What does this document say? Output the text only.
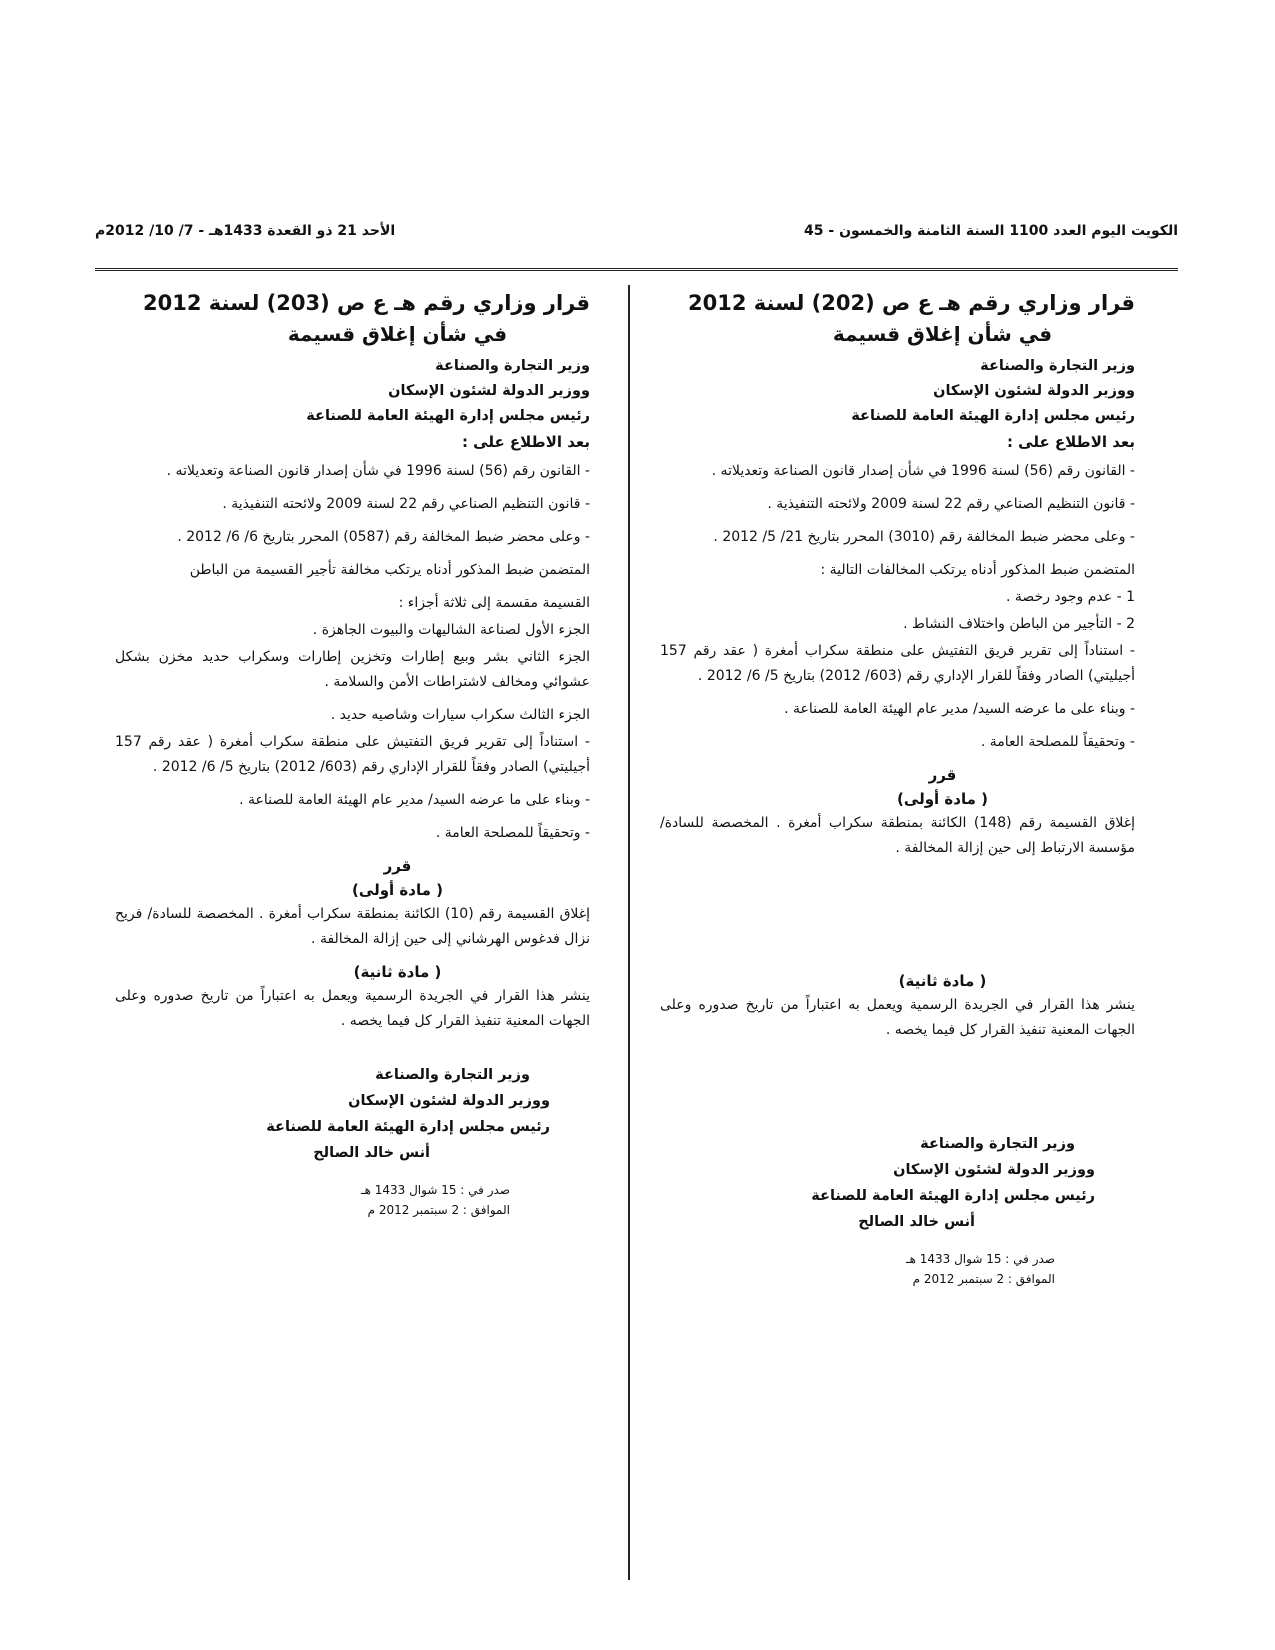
الكويت اليوم العدد 1100 السنة الثامنة والخمسون - 45
الأحد 21 ذو القعدة 1433هـ - 7/ 10/ 2012م
قرار وزاري رقم هـ ع ص (202) لسنة 2012
في شأن إغلاق قسيمة
وزير التجارة والصناعة
ووزير الدولة لشئون الإسكان
رئيس مجلس إدارة الهيئة العامة للصناعة
بعد الاطلاع على :
- القانون رقم (56) لسنة 1996 في شأن إصدار قانون الصناعة وتعديلاته .
- قانون التنظيم الصناعي رقم 22 لسنة 2009 ولائحته التنفيذية .
- وعلى محضر ضبط المخالفة رقم (3010) المحرر بتاريخ 21/ 5/ 2012 .
المتضمن ضبط المذكور أدناه يرتكب المخالفات التالية :
1 - عدم وجود رخصة .
2 - التأجير من الباطن واختلاف النشاط .
- استناداً إلى تقرير فريق التفتيش على منطقة سكراب أمغرة ( عقد رقم 157 أجيليتي) الصادر وفقاً للقرار الإداري رقم (603/ 2012) بتاريخ 5/ 6/ 2012 .
- وبناء على ما عرضه السيد/ مدير عام الهيئة العامة للصناعة .
- وتحقيقاً للمصلحة العامة .
قرر
( مادة أولى)
إغلاق القسيمة رقم (148) الكائنة بمنطقة سكراب أمغرة . المخصصة للسادة/ مؤسسة الارتباط إلى حين إزالة المخالفة .
( مادة ثانية)
ينشر هذا القرار في الجريدة الرسمية ويعمل به اعتباراً من تاريخ صدوره وعلى الجهات المعنية تنفيذ القرار كل فيما يخصه .
وزير التجارة والصناعة
ووزير الدولة لشئون الإسكان
رئيس مجلس إدارة الهيئة العامة للصناعة
أنس خالد الصالح
صدر في : 15 شوال 1433 هـ
الموافق : 2 سبتمبر 2012 م
قرار وزاري رقم هـ ع ص (203) لسنة 2012
في شأن إغلاق قسيمة
وزير التجارة والصناعة
ووزير الدولة لشئون الإسكان
رئيس مجلس إدارة الهيئة العامة للصناعة
بعد الاطلاع على :
- القانون رقم (56) لسنة 1996 في شأن إصدار قانون الصناعة وتعديلاته .
- قانون التنظيم الصناعي رقم 22 لسنة 2009 ولائحته التنفيذية .
- وعلى محضر ضبط المخالفة رقم (0587) المحرر بتاريخ 6/ 6/ 2012 .
المتضمن ضبط المذكور أدناه يرتكب مخالفة تأجير القسيمة من الباطن
القسيمة مقسمة إلى ثلاثة أجزاء :
الجزء الأول لصناعة الشاليهات والبيوت الجاهزة .
الجزء الثاني بشر وبيع إطارات وتخزين إطارات وسكراب حديد مخزن بشكل عشوائي ومخالف لاشتراطات الأمن والسلامة .
الجزء الثالث سكراب سيارات وشاصيه حديد .
- استناداً إلى تقرير فريق التفتيش على منطقة سكراب أمغرة ( عقد رقم 157 أجيليتي) الصادر وفقاً للقرار الإداري رقم (603/ 2012) بتاريخ 5/ 6/ 2012 .
- وبناء على ما عرضه السيد/ مدير عام الهيئة العامة للصناعة .
- وتحقيقاً للمصلحة العامة .
قرر
( مادة أولى)
إغلاق القسيمة رقم (10) الكائنة بمنطقة سكراب أمغرة . المخصصة للسادة/ فريح نزال فدغوس الهرشاني إلى حين إزالة المخالفة .
( مادة ثانية)
ينشر هذا القرار في الجريدة الرسمية ويعمل به اعتباراً من تاريخ صدوره وعلى الجهات المعنية تنفيذ القرار كل فيما يخصه .
وزير التجارة والصناعة
ووزير الدولة لشئون الإسكان
رئيس مجلس إدارة الهيئة العامة للصناعة
أنس خالد الصالح
صدر في : 15 شوال 1433 هـ
الموافق : 2 سبتمبر 2012 م
